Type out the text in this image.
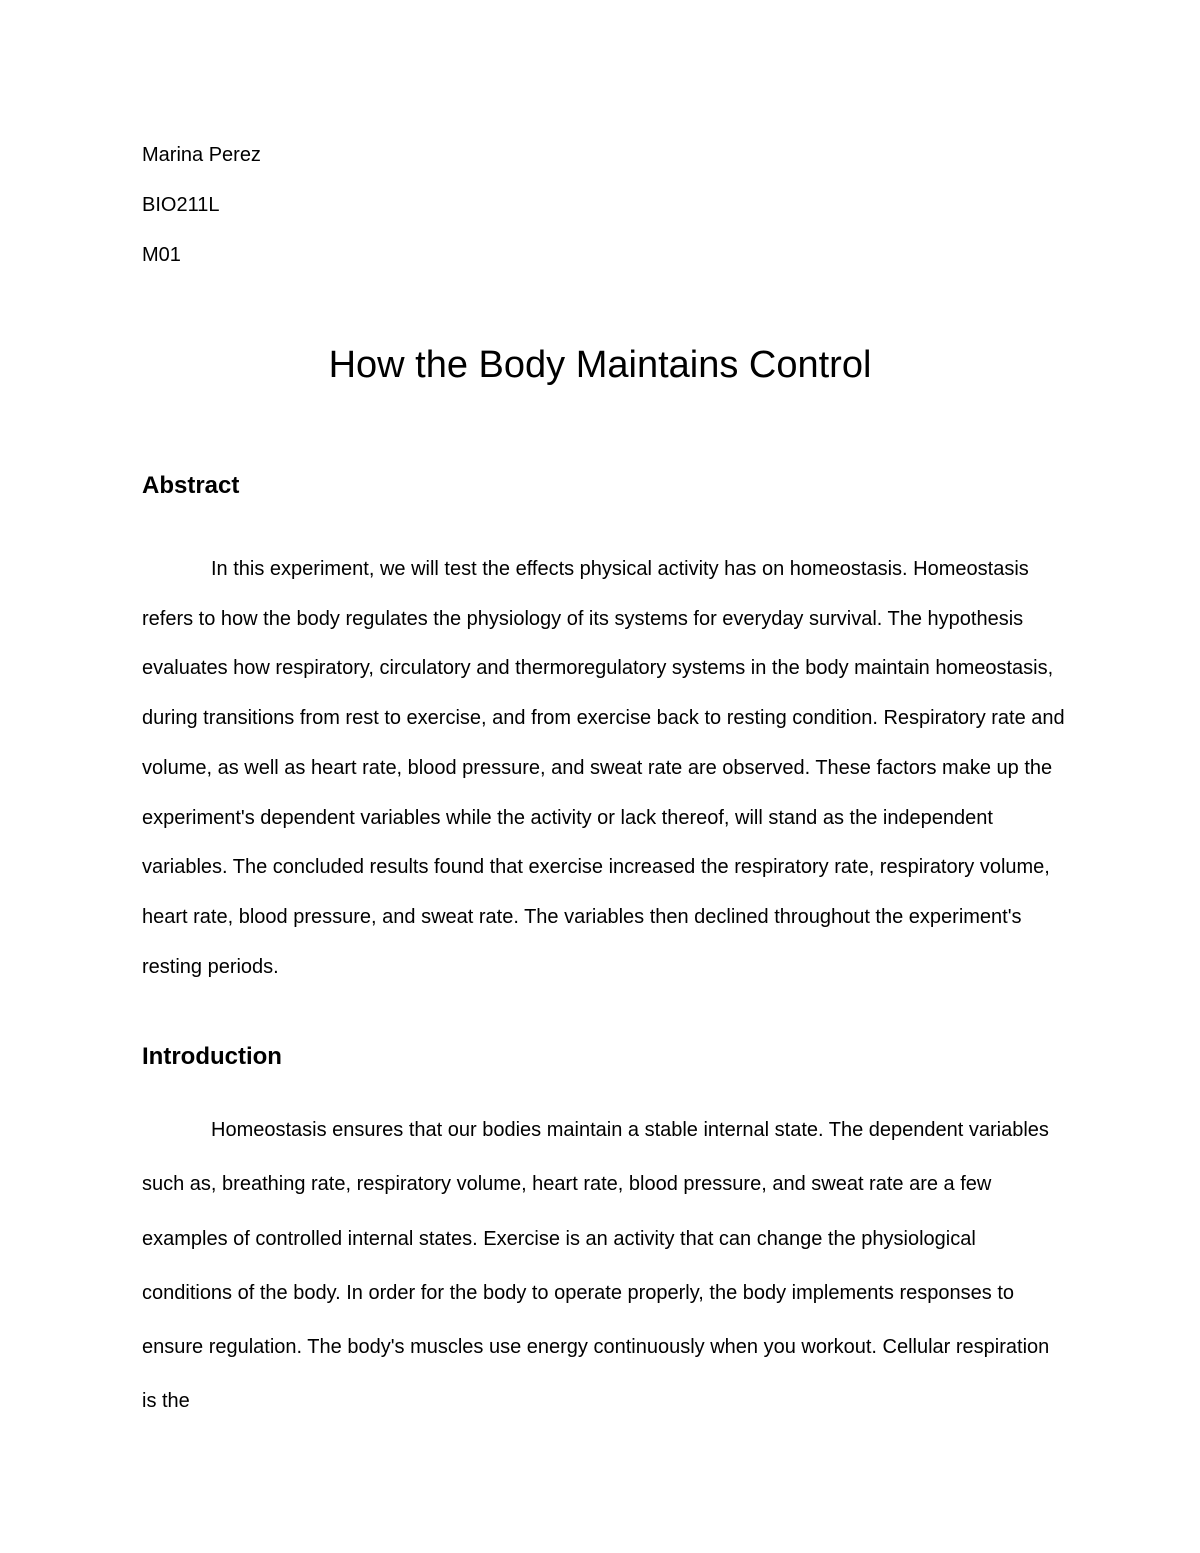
Marina Perez

BIO211L

M01

How the Body Maintains Control
Abstract

In this experiment, we will test the effects physical activity has on homeostasis. Homeostasis refers to how the body regulates the physiology of its systems for everyday survival. The hypothesis evaluates how respiratory, circulatory and thermoregulatory systems in the body maintain homeostasis, during transitions from rest to exercise, and from exercise back to resting condition. Respiratory rate and volume, as well as heart rate, blood pressure, and sweat rate are observed. These factors make up the experiment's dependent variables while the activity or lack thereof, will stand as the independent variables. The concluded results found that exercise increased the respiratory rate, respiratory volume, heart rate, blood pressure, and sweat rate. The variables then declined throughout the experiment's resting periods.

Introduction

Homeostasis ensures that our bodies maintain a stable internal state. The dependent variables such as, breathing rate, respiratory volume, heart rate, blood pressure, and sweat rate are a few examples of controlled internal states. Exercise is an activity that can change the physiological conditions of the body. In order for the body to operate properly, the body implements responses to ensure regulation. The body's muscles use energy continuously when you workout. Cellular respiration is the
